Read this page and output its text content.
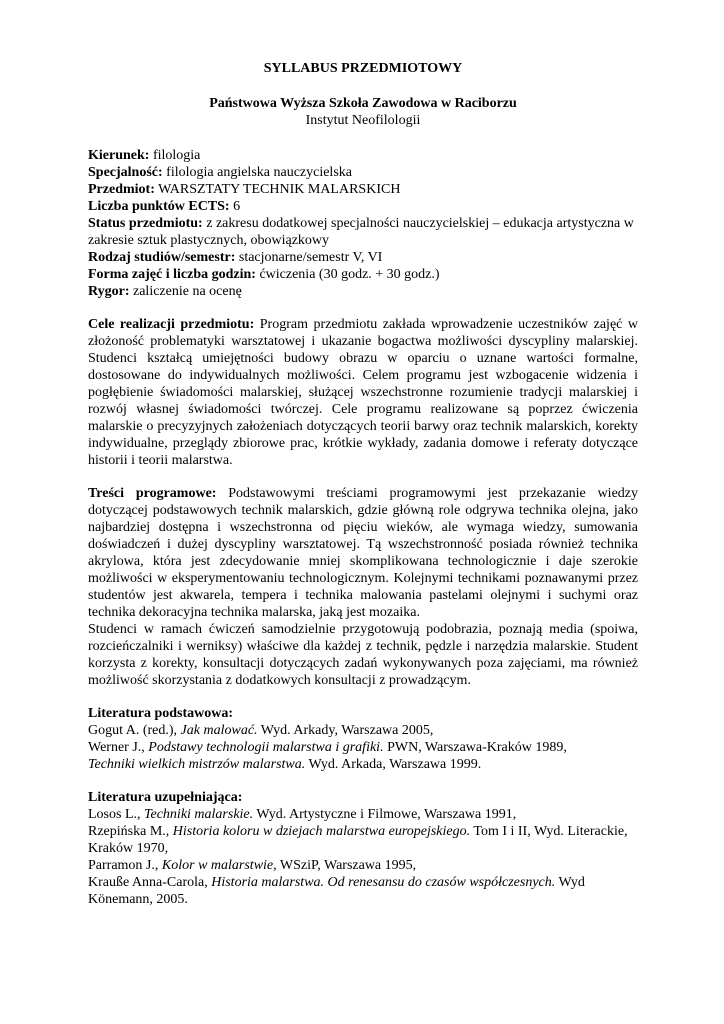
SYLLABUS PRZEDMIOTOWY
Państwowa Wyższa Szkoła Zawodowa w Raciborzu
Instytut Neofilologii
Kierunek: filologia
Specjalność: filologia angielska nauczycielska
Przedmiot: WARSZTATY TECHNIK MALARSKICH
Liczba punktów ECTS: 6
Status przedmiotu: z zakresu dodatkowej specjalności nauczycielskiej – edukacja artystyczna w zakresie sztuk plastycznych, obowiązkowy
Rodzaj studiów/semestr: stacjonarne/semestr V, VI
Forma zajęć i liczba godzin: ćwiczenia (30 godz. + 30 godz.)
Rygor: zaliczenie na ocenę

Cele realizacji przedmiotu: Program przedmiotu zakłada wprowadzenie uczestników zajęć w złożoność problematyki warsztatowej i ukazanie bogactwa możliwości dyscypliny malarskiej. Studenci kształcą umiejętności budowy obrazu w oparciu o uznane wartości formalne, dostosowane do indywidualnych możliwości. Celem programu jest wzbogacenie widzenia i pogłębienie świadomości malarskiej, służącej wszechstronne rozumienie tradycji malarskiej i rozwój własnej świadomości twórczej. Cele programu realizowane są poprzez ćwiczenia malarskie o precyzyjnych założeniach dotyczących teorii barwy oraz technik malarskich, korekty indywidualne, przeglądy zbiorowe prac, krótkie wykłady, zadania domowe i referaty dotyczące historii i teorii malarstwa.

Treści programowe: Podstawowymi treściami programowymi jest przekazanie wiedzy dotyczącej podstawowych technik malarskich, gdzie główną role odgrywa technika olejna, jako najbardziej dostępna i wszechstronna od pięciu wieków, ale wymaga wiedzy, sumowania doświadczeń i dużej dyscypliny warsztatowej. Tą wszechstronność posiada również technika akrylowa, która jest zdecydowanie mniej skomplikowana technologicznie i daje szerokie możliwości w eksperymentowaniu technologicznym. Kolejnymi technikami poznawanymi przez studentów jest akwarela, tempera i technika malowania pastelami olejnymi i suchymi oraz technika dekoracyjna technika malarska, jaką jest mozaika.

Studenci w ramach ćwiczeń samodzielnie przygotowują podobrazia, poznają media (spoiwa, rozcieńczalniki i werniksy) właściwe dla każdej z technik, pędzle i narzędzia malarskie. Student korzysta z korekty, konsultacji dotyczących zadań wykonywanych poza zajęciami, ma również możliwość skorzystania z dodatkowych konsultacji z prowadzącym.

Literatura podstawowa:
Gogut A. (red.), Jak malować. Wyd. Arkady, Warszawa 2005,
Werner J., Podstawy technologii malarstwa i grafiki. PWN, Warszawa-Kraków 1989,
Techniki wielkich mistrzów malarstwa. Wyd. Arkada, Warszawa 1999.
Literatura uzupełniająca:
Losos L., Techniki malarskie. Wyd. Artystyczne i Filmowe, Warszawa 1991,
Rzepińska M., Historia koloru w dziejach malarstwa europejskiego. Tom I i II, Wyd. Literackie, Kraków 1970,
Parramon J., Kolor w malarstwie, WSziP, Warszawa 1995,
Krauße Anna-Carola, Historia malarstwa. Od renesansu do czasów współczesnych. Wyd Könemann, 2005.
